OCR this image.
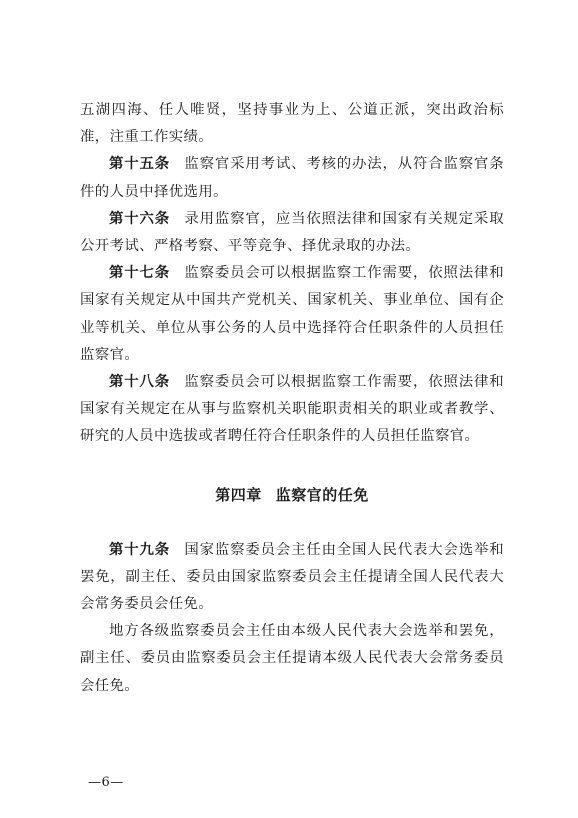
五湖四海、任人唯贤，坚持事业为上、公道正派，突出政治标准，注重工作实绩。

第十五条 监察官采用考试、考核的办法，从符合监察官条件的人员中择优选用。

第十六条 录用监察官，应当依照法律和国家有关规定采取公开考试、严格考察、平等竞争、择优录取的办法。

第十七条 监察委员会可以根据监察工作需要，依照法律和国家有关规定从中国共产党机关、国家机关、事业单位、国有企业等机关、单位从事公务的人员中选择符合任职条件的人员担任监察官。

第十八条 监察委员会可以根据监察工作需要，依照法律和国家有关规定在从事与监察机关职能职责相关的职业或者教学、研究的人员中选拔或者聘任符合任职条件的人员担任监察官。

第四章 监察官的任免

第十九条 国家监察委员会主任由全国人民代表大会选举和罢免，副主任、委员由国家监察委员会主任提请全国人民代表大会常务委员会任免。

地方各级监察委员会主任由本级人民代表大会选举和罢免，副主任、委员由监察委员会主任提请本级人民代表大会常务委员会任免。

—6—
